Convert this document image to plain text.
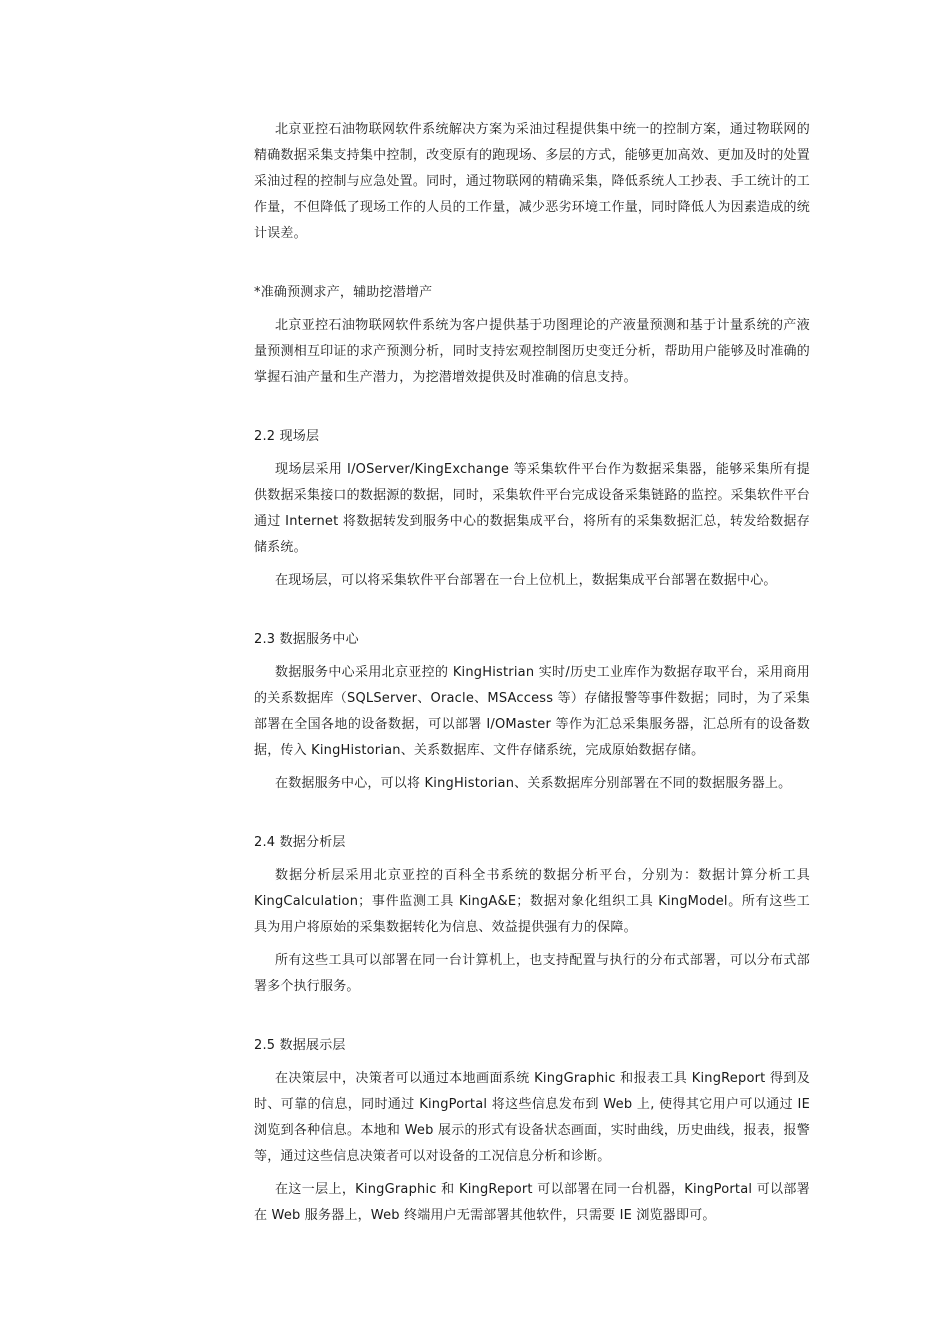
北京亚控石油物联网软件系统解决方案为采油过程提供集中统一的控制方案，通过物联网的精确数据采集支持集中控制，改变原有的跑现场、多层的方式，能够更加高效、更加及时的处置采油过程的控制与应急处置。同时，通过物联网的精确采集，降低系统人工抄表、手工统计的工作量，不但降低了现场工作的人员的工作量，减少恶劣环境工作量，同时降低人为因素造成的统计误差。

*准确预测求产，辅助挖潜增产

北京亚控石油物联网软件系统为客户提供基于功图理论的产液量预测和基于计量系统的产液量预测相互印证的求产预测分析，同时支持宏观控制图历史变迁分析，帮助用户能够及时准确的掌握石油产量和生产潜力，为挖潜增效提供及时准确的信息支持。

2.2 现场层

现场层采用 I/OServer/KingExchange 等采集软件平台作为数据采集器，能够采集所有提供数据采集接口的数据源的数据，同时，采集软件平台完成设备采集链路的监控。采集软件平台通过 Internet 将数据转发到服务中心的数据集成平台，将所有的采集数据汇总，转发给数据存储系统。

在现场层，可以将采集软件平台部署在一台上位机上，数据集成平台部署在数据中心。

2.3 数据服务中心

数据服务中心采用北京亚控的 KingHistrian 实时/历史工业库作为数据存取平台，采用商用的关系数据库（SQLServer、Oracle、MSAccess 等）存储报警等事件数据；同时，为了采集部署在全国各地的设备数据，可以部署 I/OMaster 等作为汇总采集服务器，汇总所有的设备数据，传入 KingHistorian、关系数据库、文件存储系统，完成原始数据存储。

在数据服务中心，可以将 KingHistorian、关系数据库分别部署在不同的数据服务器上。

2.4 数据分析层

数据分析层采用北京亚控的百科全书系统的数据分析平台，分别为：数据计算分析工具 KingCalculation；事件监测工具 KingA&E；数据对象化组织工具 KingModel。所有这些工具为用户将原始的采集数据转化为信息、效益提供强有力的保障。

所有这些工具可以部署在同一台计算机上，也支持配置与执行的分布式部署，可以分布式部署多个执行服务。

2.5 数据展示层

在决策层中，决策者可以通过本地画面系统 KingGraphic 和报表工具 KingReport 得到及时、可靠的信息，同时通过 KingPortal 将这些信息发布到 Web 上, 使得其它用户可以通过 IE 浏览到各种信息。本地和 Web 展示的形式有设备状态画面，实时曲线，历史曲线，报表，报警等，通过这些信息决策者可以对设备的工况信息分析和诊断。

在这一层上，KingGraphic 和 KingReport 可以部署在同一台机器，KingPortal 可以部署在 Web 服务器上，Web 终端用户无需部署其他软件，只需要 IE 浏览器即可。
